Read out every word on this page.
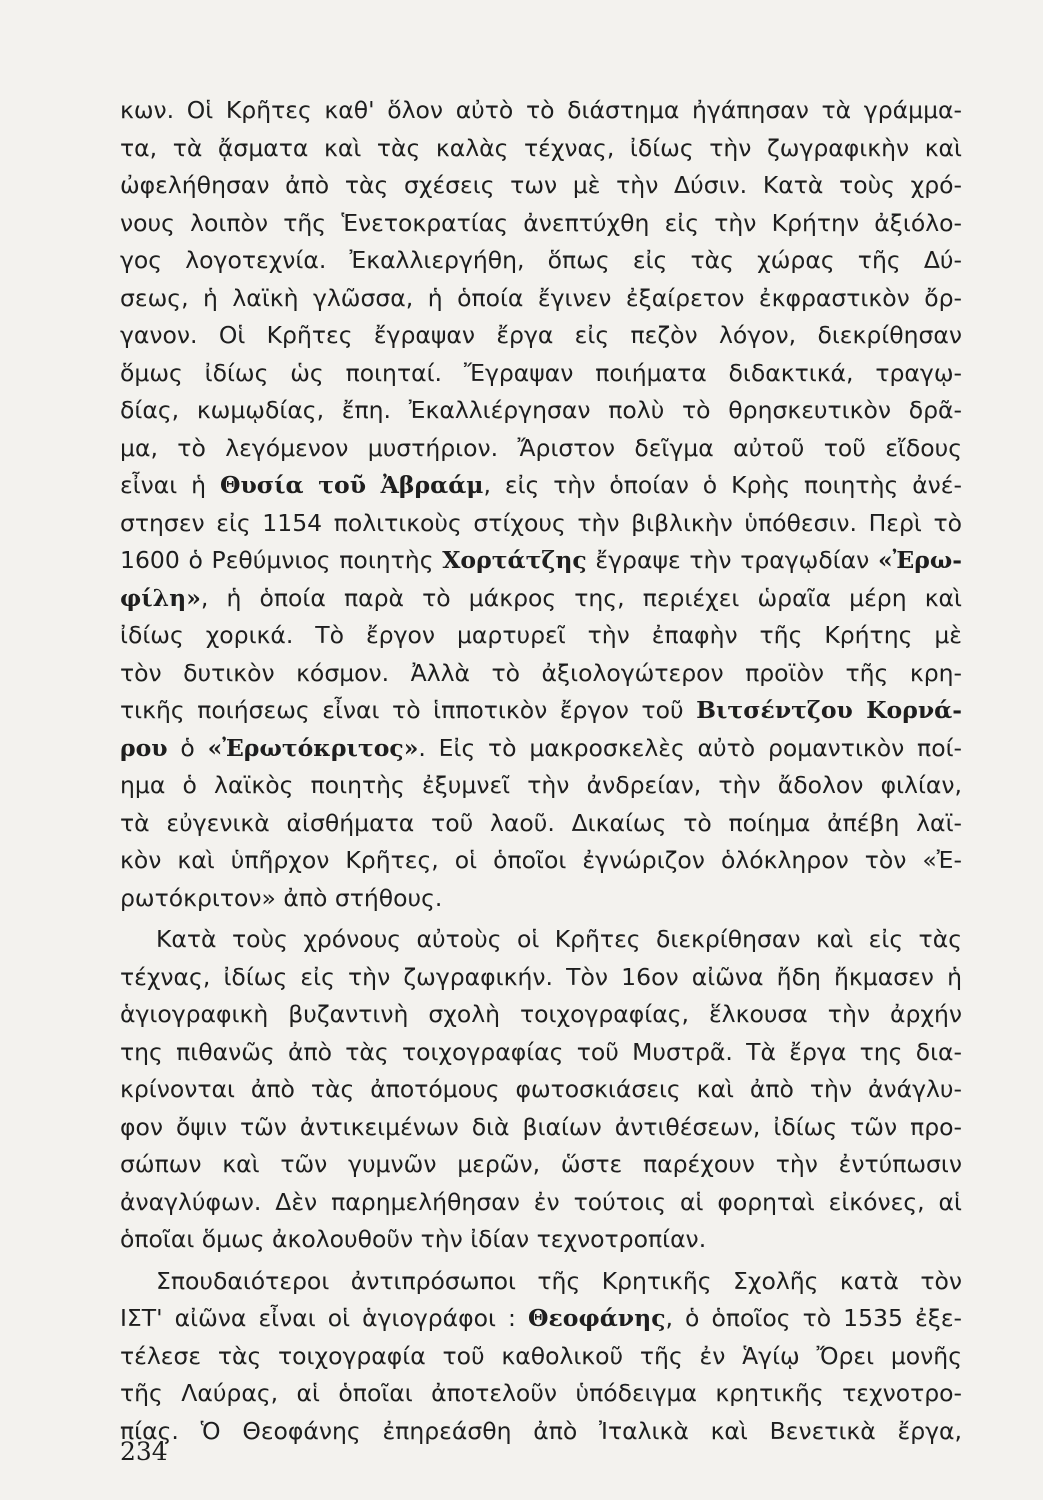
κων. Οἱ Κρῆτες καθ' ὅλον αὐτὸ τὸ διάστημα ἠγάπησαν τὰ γράμμα-
τα, τὰ ᾄσματα καὶ τὰς καλὰς τέχνας, ἰδίως τὴν ζωγραφικὴν καὶ
ὠφελήθησαν ἀπὸ τὰς σχέσεις των μὲ τὴν Δύσιν. Κατὰ τοὺς χρό-
νους λοιπὸν τῆς Ἑνετοκρατίας ἀνεπτύχθη εἰς τὴν Κρήτην ἀξιόλο-
γος λογοτεχνία. Ἐκαλλιεργήθη, ὅπως εἰς τὰς χώρας τῆς Δύ-
σεως, ἡ λαϊκὴ γλῶσσα, ἡ ὁποία ἔγινεν ἐξαίρετον ἐκφραστικὸν ὄρ-
γανον. Οἱ Κρῆτες ἔγραψαν ἔργα εἰς πεζὸν λόγον, διεκρίθησαν
ὅμως ἰδίως ὡς ποιηταί. Ἔγραψαν ποιήματα διδακτικά, τραγῳ-
δίας, κωμῳδίας, ἔπη. Ἐκαλλιέργησαν πολὺ τὸ θρησκευτικὸν δρᾶ-
μα, τὸ λεγόμενον μυστήριον. Ἄριστον δεῖγμα αὐτοῦ τοῦ εἴδους
εἶναι ἡ Θυσία τοῦ Ἀβραάμ, εἰς τὴν ὁποίαν ὁ Κρὴς ποιητὴς ἀνέ-
στησεν εἰς 1154 πολιτικοὺς στίχους τὴν βιβλικὴν ὑπόθεσιν. Περὶ τὸ
1600 ὁ Ρεθύμνιος ποιητὴς Χορτάτζης ἔγραψε τὴν τραγῳδίαν «Ἐρω-
φίλη», ἡ ὁποία παρὰ τὸ μάκρος της, περιέχει ὡραῖα μέρη καὶ
ἰδίως χορικά. Τὸ ἔργον μαρτυρεῖ τὴν ἐπαφὴν τῆς Κρήτης μὲ
τὸν δυτικὸν κόσμον. Ἀλλὰ τὸ ἀξιολογώτερον προϊὸν τῆς κρη-
τικῆς ποιήσεως εἶναι τὸ ἱπποτικὸν ἔργον τοῦ Βιτσέντζου Κορνά-
ρου ὁ «Ἐρωτόκριτος». Εἰς τὸ μακροσκελὲς αὐτὸ ρομαντικὸν ποί-
ημα ὁ λαϊκὸς ποιητὴς ἐξυμνεῖ τὴν ἀνδρείαν, τὴν ἄδολον φιλίαν,
τὰ εὐγενικὰ αἰσθήματα τοῦ λαοῦ. Δικαίως τὸ ποίημα ἀπέβη λαϊ-
κὸν καὶ ὑπῆρχον Κρῆτες, οἱ ὁποῖοι ἐγνώριζον ὁλόκληρον τὸν «Ἐ-
ρωτόκριτον» ἀπὸ στήθους.
Κατὰ τοὺς χρόνους αὐτοὺς οἱ Κρῆτες διεκρίθησαν καὶ εἰς τὰς
τέχνας, ἰδίως εἰς τὴν ζωγραφικήν. Τὸν 16ον αἰῶνα ἤδη ἤκμασεν ἡ
ἁγιογραφικὴ βυζαντινὴ σχολὴ τοιχογραφίας, ἕλκουσα τὴν ἀρχήν
της πιθανῶς ἀπὸ τὰς τοιχογραφίας τοῦ Μυστρᾶ. Τὰ ἔργα της δια-
κρίνονται ἀπὸ τὰς ἀποτόμους φωτοσκιάσεις καὶ ἀπὸ τὴν ἀνάγλυ-
φον ὄψιν τῶν ἀντικειμένων διὰ βιαίων ἀντιθέσεων, ἰδίως τῶν προ-
σώπων καὶ τῶν γυμνῶν μερῶν, ὥστε παρέχουν τὴν ἐντύπωσιν
ἀναγλύφων. Δὲν παρημελήθησαν ἐν τούτοις αἱ φορηταὶ εἰκόνες, αἱ
ὁποῖαι ὅμως ἀκολουθοῦν τὴν ἰδίαν τεχνοτροπίαν.
Σπουδαιότεροι ἀντιπρόσωποι τῆς Κρητικῆς Σχολῆς κατὰ τὸν
ΙΣΤ' αἰῶνα εἶναι οἱ ἁγιογράφοι : Θεοφάνης, ὁ ὁποῖος τὸ 1535 ἐξε-
τέλεσε τὰς τοιχογραφία τοῦ καθολικοῦ τῆς ἐν Ἁγίῳ Ὄρει μονῆς
τῆς Λαύρας, αἱ ὁποῖαι ἀποτελοῦν ὑπόδειγμα κρητικῆς τεχνοτρο-
πίας. Ὁ Θεοφάνης ἐπηρεάσθη ἀπὸ Ἰταλικὰ καὶ Βενετικὰ ἔργα,
234
